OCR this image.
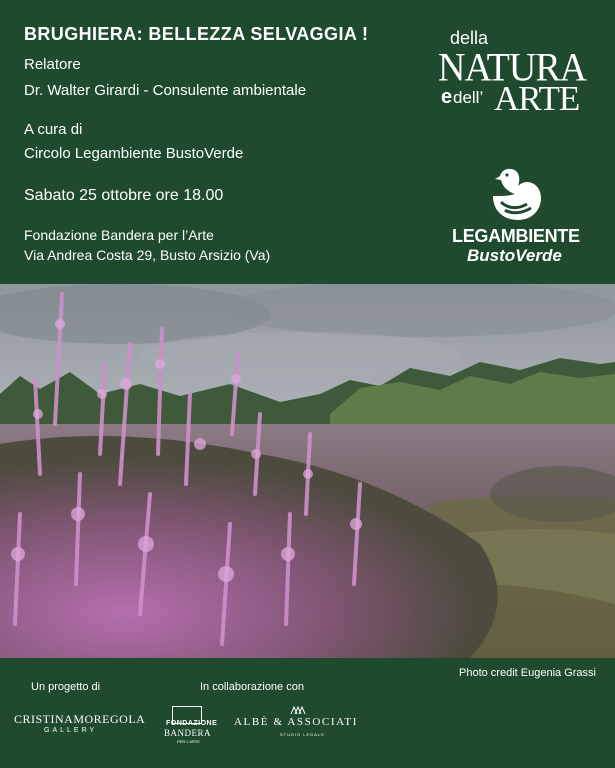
BRUGHIERA: BELLEZZA SELVAGGIA !
Relatore
Dr. Walter Girardi - Consulente ambientale
A cura di
Circolo Legambiente BustoVerde
Sabato 25 ottobre ore 18.00
Fondazione Bandera per l’Arte
Via Andrea Costa 29, Busto Arsizio (Va)
della
NATURA
e dell’ ARTE
LEGAMBIENTE
BustoVerde
Photo credit Eugenia Grassi
Un progetto di	In collaborazione con
CRISTINAMOREGOLA
GALLERY
FONDAZIONE
BANDERA
PER L'ARTE
ALBÈ & ASSOCIATI
STUDIO LEGALE
